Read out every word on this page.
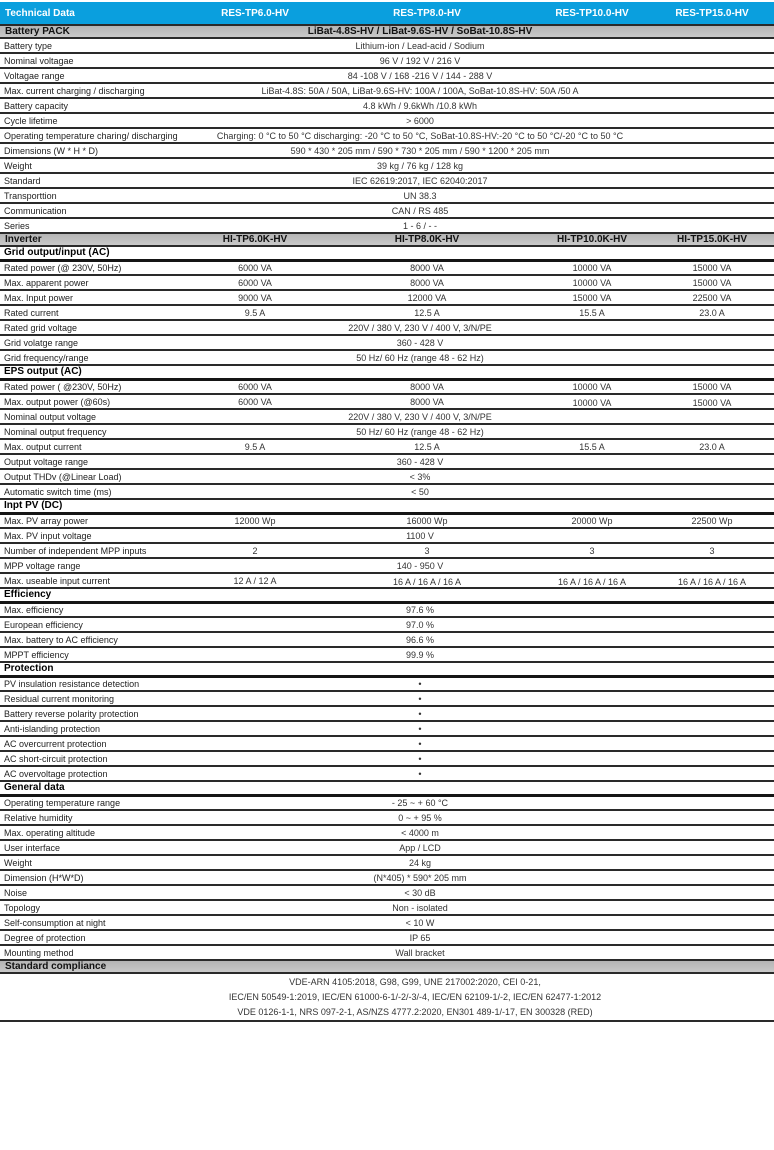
Technical Data	RES-TP6.0-HV	RES-TP8.0-HV	RES-TP10.0-HV	RES-TP15.0-HV
Battery PACK	LiBat-4.8S-HV / LiBat-9.6S-HV / SoBat-10.8S-HV			
Battery type	Lithium-ion / Lead-acid / Sodium			
Nominal voltagae	96 V / 192 V / 216 V			
Voltagae range	84 -108 V / 168 -216 V / 144 - 288 V			
Max. current charging / discharging	LiBat-4.8S: 50A / 50A, LiBat-9.6S-HV: 100A / 100A, SoBat-10.8S-HV: 50A /50 A			
Battery capacity	4.8 kWh / 9.6kWh /10.8 kWh			
Cycle lifetime	> 6000			
Operating temperature charing/ discharging	Charging: 0 °C to 50 °C discharging: -20 °C to 50 °C, SoBat-10.8S-HV:-20 °C to 50 °C/-20 °C to 50 °C			
Dimensions (W * H * D)	590 * 430 * 205 mm / 590 * 730 * 205 mm / 590 * 1200 * 205 mm			
Weight	39 kg / 76 kg / 128 kg			
Standard	IEC 62619:2017, IEC 62040:2017			
Transporttion	UN 38.3			
Communication	CAN / RS 485			
Series	1 - 6 / - -			
Inverter	HI-TP6.0K-HV	HI-TP8.0K-HV	HI-TP10.0K-HV	HI-TP15.0K-HV
Grid output/input (AC)				
Rated power (@ 230V, 50Hz)	6000 VA	8000 VA	10000 VA	15000 VA
Max. apparent power	6000 VA	8000 VA	10000 VA	15000 VA
Max. Input power	9000 VA	12000 VA	15000 VA	22500 VA
Rated current	9.5 A	12.5 A	15.5 A	23.0 A
Rated grid voltage	220V / 380 V, 230 V / 400 V, 3/N/PE			
Grid volatge range	360 - 428 V			
Grid frequency/range	50 Hz/ 60 Hz (range 48 - 62 Hz)			
EPS output (AC)				
Rated power ( @230V, 50Hz)	6000 VA	8000 VA	10000 VA	15000 VA
Max. output power (@60s)	6000 VA	8000 VA	10000 VA	15000 VA
Nominal output voltage	220V / 380 V, 230 V / 400 V, 3/N/PE			
Nominal output frequency	50 Hz/ 60 Hz (range 48 - 62 Hz)			
Max. output current	9.5 A	12.5 A	15.5 A	23.0 A
Output voltage range	360 - 428 V			
Output THDv (@Linear Load)	< 3%			
Automatic switch time (ms)	< 50			
Inpt PV (DC)				
Max. PV array power	12000 Wp	16000 Wp	20000 Wp	22500 Wp
Max. PV input voltage	1100 V			
Number of independent MPP inputs	2	3	3	3
MPP voltage range	140 - 950 V			
Max. useable input current	12 A / 12 A	16 A / 16 A / 16 A	16 A / 16 A / 16 A	16 A / 16 A / 16 A
Efficiency				
Max. efficiency	97.6 %			
European efficiency	97.0 %			
Max. battery to AC efficiency	96.6 %			
MPPT efficiency	99.9 %			
Protection				
PV insulation resistance detection	•			
Residual current monitoring	•			
Battery reverse polarity protection	•			
Anti-islanding protection	•			
AC overcurrent protection	•			
AC short-circuit protection	•			
AC overvoltage protection	•			
General data				
Operating temperature range	- 25 ~ + 60 °C			
Relative humidity	0 ~ + 95 %			
Max. operating altitude	< 4000 m			
User interface	App / LCD			
Weight	24 kg			
Dimension (H*W*D)	(N*405) * 590* 205 mm			
Noise	< 30 dB			
Topology	Non - isolated			
Self-consumption at night	< 10 W			
Degree of protection	IP 65			
Mounting method	Wall bracket			
Standard compliance				

VDE-ARN 4105:2018, G98, G99, UNE 217002:2020, CEI 0-21,
IEC/EN 50549-1:2019, IEC/EN 61000-6-1/-2/-3/-4, IEC/EN 62109-1/-2, IEC/EN 62477-1:2012
VDE 0126-1-1, NRS 097-2-1, AS/NZS 4777.2:2020, EN301 489-1/-17, EN 300328 (RED)				
